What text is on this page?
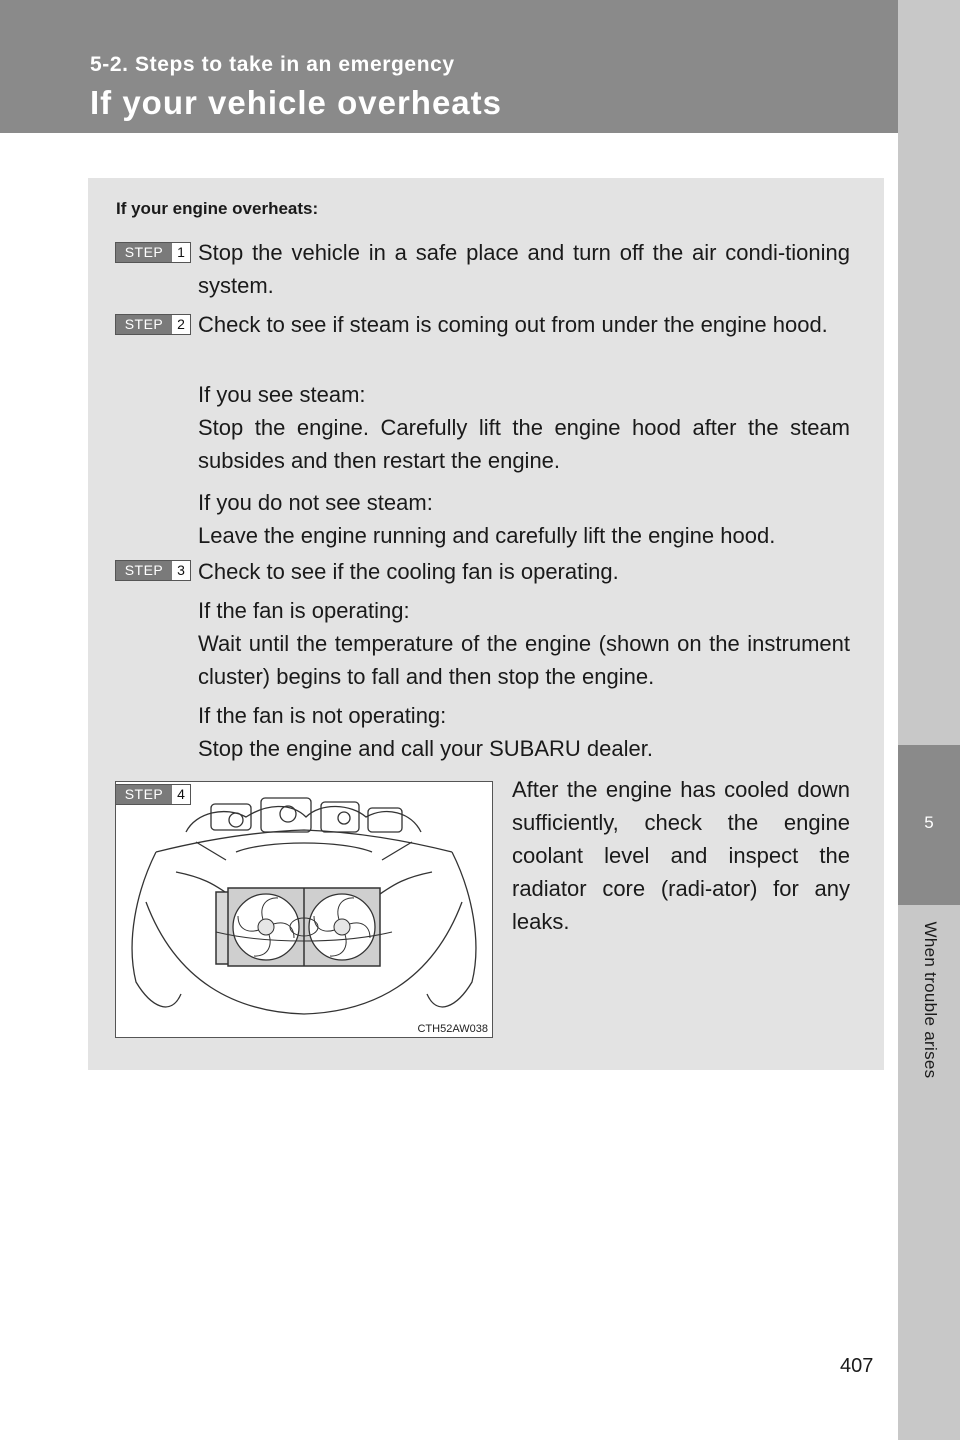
5-2. Steps to take in an emergency
If your vehicle overheats
5
When trouble arises
If your engine overheats:
STEP 1 Stop the vehicle in a safe place and turn off the air condi-tioning system.

STEP 2 Check to see if steam is coming out from under the engine hood.

If you see steam:
Stop the engine. Carefully lift the engine hood after the steam subsides and then restart the engine.

If you do not see steam:
Leave the engine running and carefully lift the engine hood.

STEP 3 Check to see if the cooling fan is operating.

If the fan is operating:
Wait until the temperature of the engine (shown on the instrument cluster) begins to fall and then stop the engine.

If the fan is not operating:
Stop the engine and call your SUBARU dealer.

CTH52AW038
STEP 4	After the engine has cooled down sufficiently, check the engine coolant level and inspect the radiator core (radi-ator) for any leaks.

407
